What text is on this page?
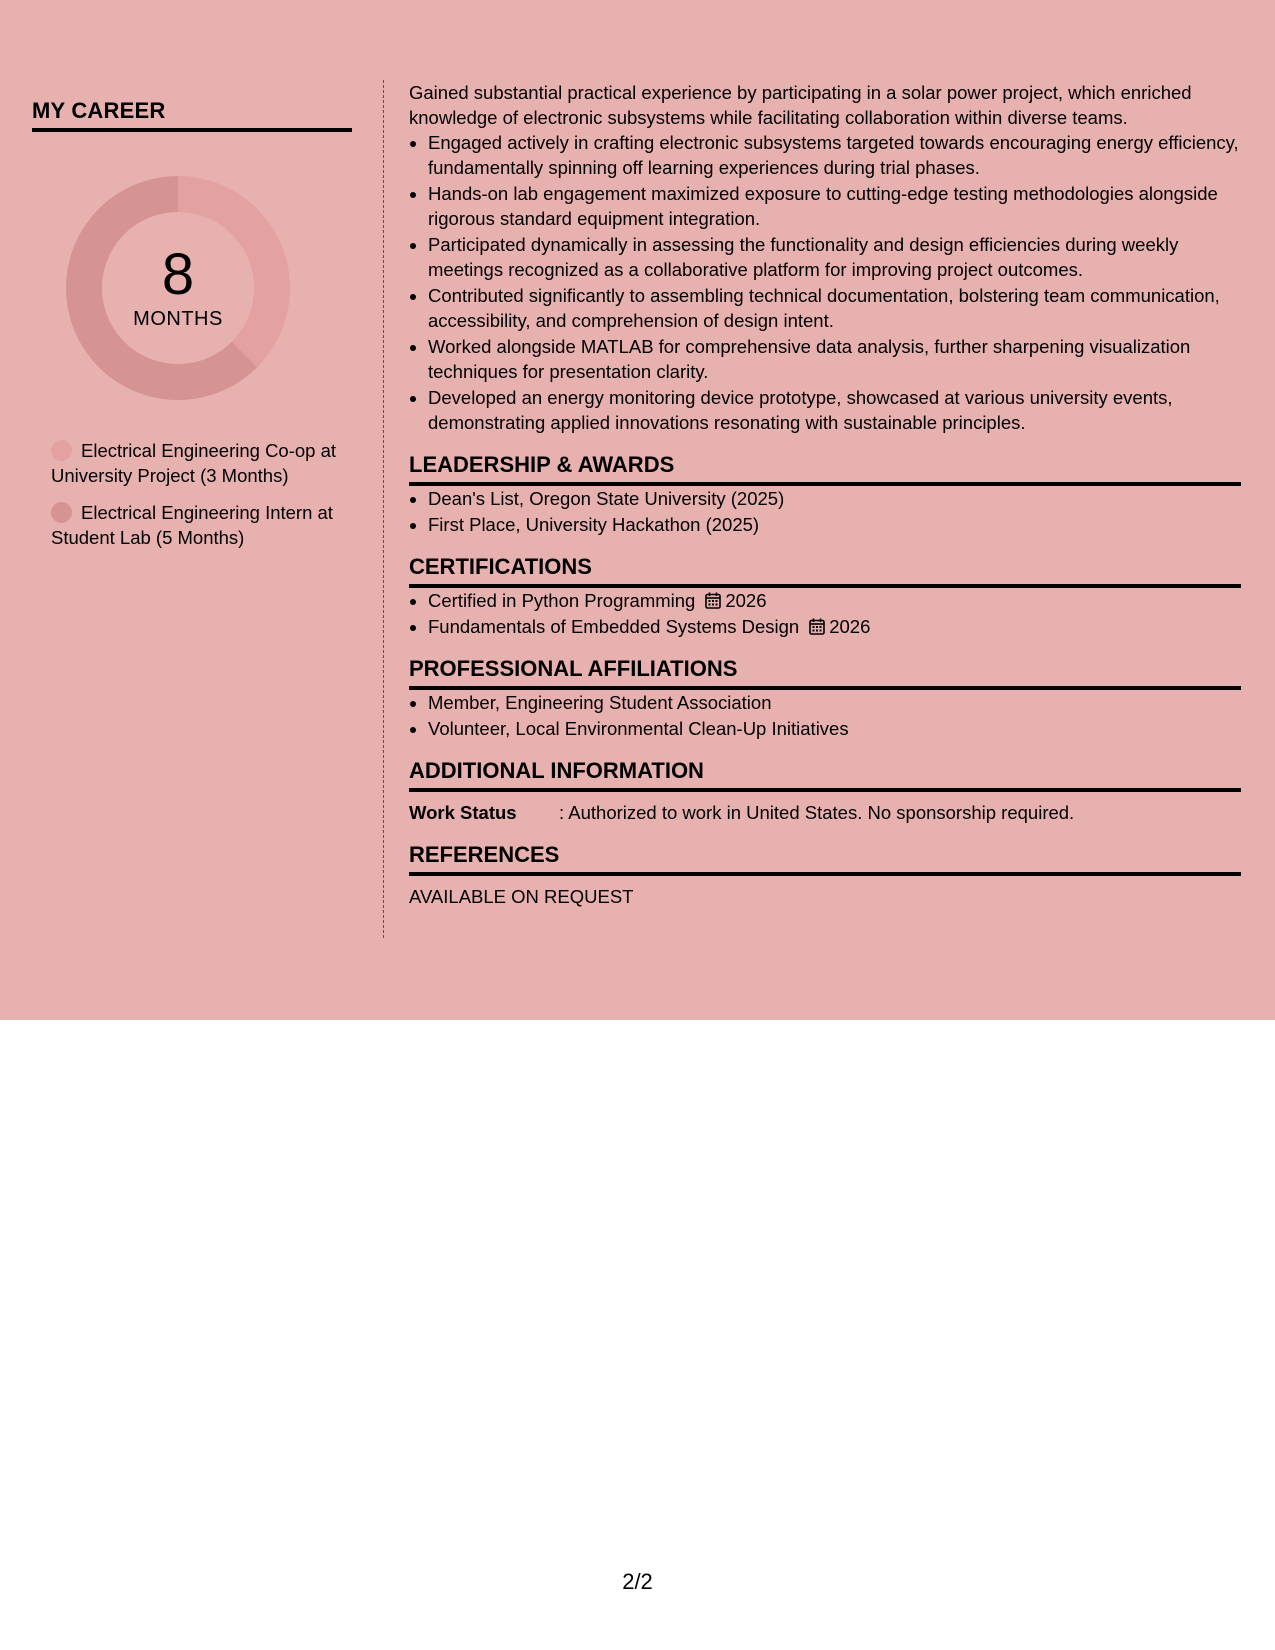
MY CAREER
8
MONTHS
Electrical Engineering Co-op at University Project (3 Months)
Electrical Engineering Intern at Student Lab (5 Months)

Gained substantial practical experience by participating in a solar power project, which enriched knowledge of electronic subsystems while facilitating collaboration within diverse teams.

• Engaged actively in crafting electronic subsystems targeted towards encouraging energy efficiency, fundamentally spinning off learning experiences during trial phases.
• Hands-on lab engagement maximized exposure to cutting-edge testing methodologies alongside rigorous standard equipment integration.
• Participated dynamically in assessing the functionality and design efficiencies during weekly meetings recognized as a collaborative platform for improving project outcomes.
• Contributed significantly to assembling technical documentation, bolstering team communication, accessibility, and comprehension of design intent.
• Worked alongside MATLAB for comprehensive data analysis, further sharpening visualization techniques for presentation clarity.
• Developed an energy monitoring device prototype, showcased at various university events, demonstrating applied innovations resonating with sustainable principles.
LEADERSHIP & AWARDS
• Dean's List, Oregon State University (2025)
• First Place, University Hackathon (2025)
CERTIFICATIONS
• Certified in Python Programming 2026
• Fundamentals of Embedded Systems Design 2026
PROFESSIONAL AFFILIATIONS
• Member, Engineering Student Association
• Volunteer, Local Environmental Clean-Up Initiatives
ADDITIONAL INFORMATION
Work Status	: Authorized to work in United States. No sponsorship required.
REFERENCES
AVAILABLE ON REQUEST
2/2
